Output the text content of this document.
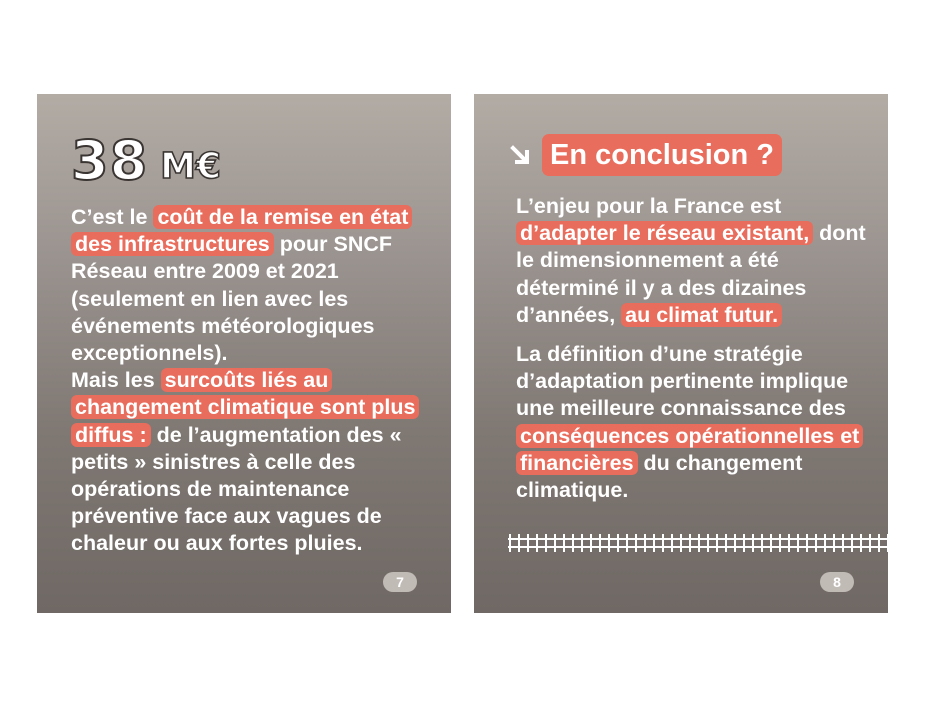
38 M€
C’est le coût de la remise en état des infrastructures pour SNCF Réseau entre 2009 et 2021 (seulement en lien avec les événements météorologiques exceptionnels).
Mais les surcoûts liés au changement climatique sont plus diffus : de l’augmentation des « petits » sinistres à celle des opérations de maintenance préventive face aux vagues de chaleur ou aux fortes pluies.
7
En conclusion ?
L’enjeu pour la France est d’adapter le réseau existant, dont le dimensionnement a été déterminé il y a des dizaines d’années, au climat futur.
La définition d’une stratégie d’adaptation pertinente implique une meilleure connaissance des conséquences opérationnelles et financières du changement climatique.
8
